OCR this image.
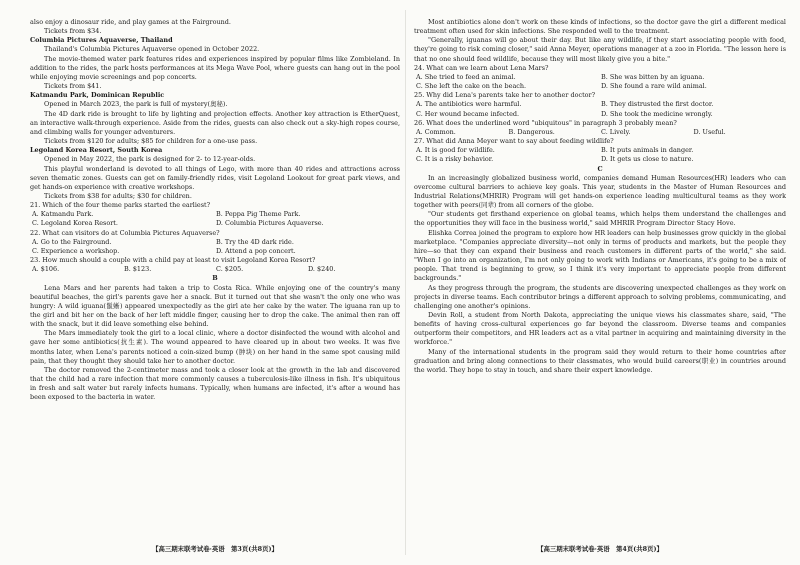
also enjoy a dinosaur ride, and play games at the Fairground.

Tickets from $34.

Columbia Pictures Aquaverse, Thailand

Thailand's Columbia Pictures Aquaverse opened in October 2022.

The movie-themed water park features rides and experiences inspired by popular films like Zombieland. In addition to the rides, the park hosts performances at its Mega Wave Pool, where guests can hang out in the pool while enjoying movie screenings and pop concerts.

Tickets from $41.

Katmandu Park, Dominican Republic

Opened in March 2023, the park is full of mystery(奥秘).

The 4D dark ride is brought to life by lighting and projection effects. Another key attraction is EtherQuest, an interactive walk-through experience. Aside from the rides, guests can also check out a sky-high ropes course, and climbing walls for younger adventurers.

Tickets from $120 for adults; $85 for children for a one-use pass.

Legoland Korea Resort, South Korea

Opened in May 2022, the park is designed for 2- to 12-year-olds.

This playful wonderland is devoted to all things of Lego, with more than 40 rides and attractions across seven thematic zones. Guests can get on family-friendly rides, visit Legoland Lookout for great park views, and get hands-on experience with creative workshops.

Tickets from $38 for adults; $30 for children.

21. Which of the four theme parks started the earliest?

A. Katmandu Park.	B. Peppa Pig Theme Park.
C. Legoland Korea Resort.	D. Columbia Pictures Aquaverse.

22. What can visitors do at Columbia Pictures Aquaverse?

A. Go to the Fairground.	B. Try the 4D dark ride.
C. Experience a workshop.	D. Attend a pop concert.

23. How much should a couple with a child pay at least to visit Legoland Korea Resort?

A. $106.	B. $123.	C. $205.	D. $240.

B

Lena Mars and her parents had taken a trip to Costa Rica. While enjoying one of the country's many beautiful beaches, the girl's parents gave her a snack. But it turned out that she wasn't the only one who was hungry: A wild iguana(鬣蜥) appeared unexpectedly as the girl ate her cake by the water. The iguana ran up to the girl and bit her on the back of her left middle finger, causing her to drop the cake. The animal then ran off with the snack, but it did leave something else behind.

The Mars immediately took the girl to a local clinic, where a doctor disinfected the wound with alcohol and gave her some antibiotics(抗生素). The wound appeared to have cleared up in about two weeks. It was five months later, when Lena's parents noticed a coin-sized bump (肿块) on her hand in the same spot causing mild pain, that they thought they should take her to another doctor.

The doctor removed the 2-centimeter mass and took a closer look at the growth in the lab and discovered that the child had a rare infection that more commonly causes a tuberculosis-like illness in fish. It's ubiquitous in fresh and salt water but rarely infects humans. Typically, when humans are infected, it's after a wound has been exposed to the bacteria in water.

Most antibiotics alone don't work on these kinds of infections, so the doctor gave the girl a different medical treatment often used for skin infections. She responded well to the treatment.

"Generally, iguanas will go about their day. But like any wildlife, if they start associating people with food, they're going to risk coming closer," said Anna Meyer, operations manager at a zoo in Florida. "The lesson here is that no one should feed wildlife, because they will most likely give you a bite."

24. What can we learn about Lena Mars?

A. She tried to feed an animal.	B. She was bitten by an iguana.
C. She left the cake on the beach.	D. She found a rare wild animal.

25. Why did Lena's parents take her to another doctor?

A. The antibiotics were harmful.	B. They distrusted the first doctor.
C. Her wound became infected.	D. She took the medicine wrongly.

26. What does the underlined word "ubiquitous" in paragraph 3 probably mean?

A. Common.	B. Dangerous.	C. Lively.	D. Useful.

27. What did Anna Meyer want to say about feeding wildlife?

A. It is good for wildlife.	B. It puts animals in danger.
C. It is a risky behavior.	D. It gets us close to nature.

C

In an increasingly globalized business world, companies demand Human Resources(HR) leaders who can overcome cultural barriers to achieve key goals. This year, students in the Master of Human Resources and Industrial Relations(MHRIR) Program will get hands-on experience leading multicultural teams as they work together with peers(同辈) from all corners of the globe.

"Our students get firsthand experience on global teams, which helps them understand the challenges and the opportunities they will face in the business world," said MHRIR Program Director Stacy Hove.

Elishka Correa joined the program to explore how HR leaders can help businesses grow quickly in the global marketplace. "Companies appreciate diversity—not only in terms of products and markets, but the people they hire—so that they can expand their business and reach customers in different parts of the world," she said. "When I go into an organization, I'm not only going to work with Indians or Americans, it's going to be a mix of people. That trend is beginning to grow, so I think it's very important to appreciate people from different backgrounds."

As they progress through the program, the students are discovering unexpected challenges as they work on projects in diverse teams. Each contributor brings a different approach to solving problems, communicating, and challenging one another's opinions.

Devin Roll, a student from North Dakota, appreciating the unique views his classmates share, said, "The benefits of having cross-cultural experiences go far beyond the classroom. Diverse teams and companies outperform their competitors, and HR leaders act as a vital partner in acquiring and maintaining diversity in the workforce."

Many of the international students in the program said they would return to their home countries after graduation and bring along connections to their classmates, who would build careers(职业) in countries around the world. They hope to stay in touch, and share their expert knowledge.

【高三期末联考试卷·英语　第3页(共8页)】	【高三期末联考试卷·英语　第4页(共8页)】
